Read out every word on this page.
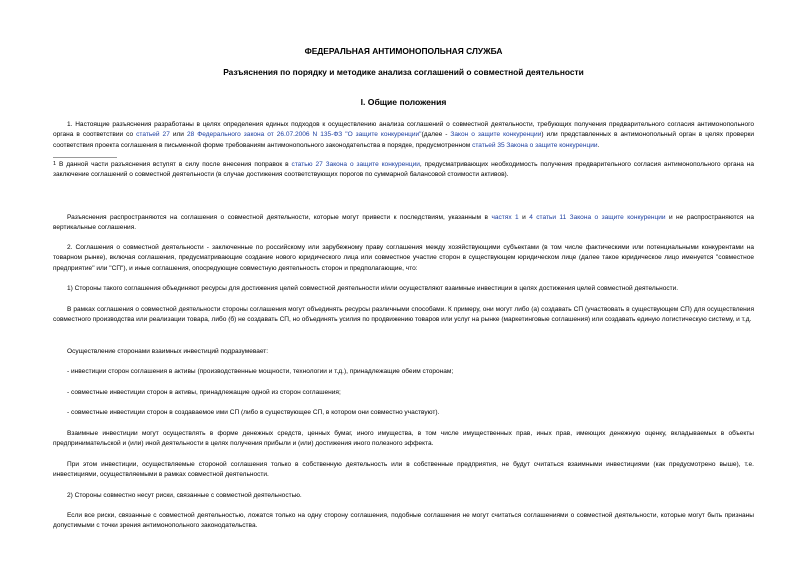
ФЕДЕРАЛЬНАЯ АНТИМОНОПОЛЬНАЯ СЛУЖБА
Разъяснения по порядку и методике анализа соглашений о совместной деятельности
I. Общие положения
1. Настоящие разъяснения разработаны в целях определения единых подходов к осуществлению анализа соглашений о совместной деятельности, требующих получения предварительного согласия антимонопольного органа в соответствии со статьей 27 или 28 Федерального закона от 26.07.2006 N 135-ФЗ "О защите конкуренции"(далее - Закон о защите конкуренции) или представленных в антимонопольный орган в целях проверки соответствия проекта соглашения в письменной форме требованиям антимонопольного законодательства в порядке, предусмотренном статьей 35 Закона о защите конкуренции.
1 В данной части разъяснения вступят в силу после внесения поправок в статью 27 Закона о защите конкуренции, предусматривающих необходимость получения предварительного согласия антимонопольного органа на заключение соглашений о совместной деятельности (в случае достижения соответствующих порогов по суммарной балансовой стоимости активов).
Разъяснения распространяются на соглашения о совместной деятельности, которые могут привести к последствиям, указанным в частях 1 и 4 статьи 11 Закона о защите конкуренции и не распространяются на вертикальные соглашения.
2. Соглашения о совместной деятельности - заключенные по российскому или зарубежному праву соглашения между хозяйствующими субъектами (в том числе фактическими или потенциальными конкурентами на товарном рынке), включая соглашения, предусматривающие создание нового юридического лица или совместное участие сторон в существующем юридическом лице (далее такое юридическое лицо именуется "совместное предприятие" или "СП"), и иные соглашения, опосредующие совместную деятельность сторон и предполагающие, что:
1) Стороны такого соглашения объединяют ресурсы для достижения целей совместной деятельности и/или осуществляют взаимные инвестиции в целях достижения целей совместной деятельности.
В рамках соглашения о совместной деятельности стороны соглашения могут объединять ресурсы различными способами. К примеру, они могут либо (а) создавать СП (участвовать в существующем СП) для осуществления совместного производства или реализации товара, либо (б) не создавать СП, но объединять усилия по продвижению товаров или услуг на рынке (маркетинговые соглашения) или создавать единую логистическую систему, и т.д.
Осуществление сторонами взаимных инвестиций подразумевает:
- инвестиции сторон соглашения в активы (производственные мощности, технологии и т.д.), принадлежащие обеим сторонам;
- совместные инвестиции сторон в активы, принадлежащие одной из сторон соглашения;
- совместные инвестиции сторон в создаваемое ими СП (либо в существующее СП, в котором они совместно участвуют).
Взаимные инвестиции могут осуществлять в форме денежных средств, ценных бумаг, иного имущества, в том числе имущественных прав, иных прав, имеющих денежную оценку, вкладываемых в объекты предпринимательской и (или) иной деятельности в целях получения прибыли и (или) достижения иного полезного эффекта.
При этом инвестиции, осуществляемые стороной соглашения только в собственную деятельность или в собственные предприятия, не будут считаться взаимными инвестициями (как предусмотрено выше), т.е. инвестициями, осуществляемыми в рамках совместной деятельности.
2) Стороны совместно несут риски, связанные с совместной деятельностью.
Если все риски, связанные с совместной деятельностью, ложатся только на одну сторону соглашения, подобные соглашения не могут считаться соглашениями о совместной деятельности, которые могут быть признаны допустимыми с точки зрения антимонопольного законодательства.
